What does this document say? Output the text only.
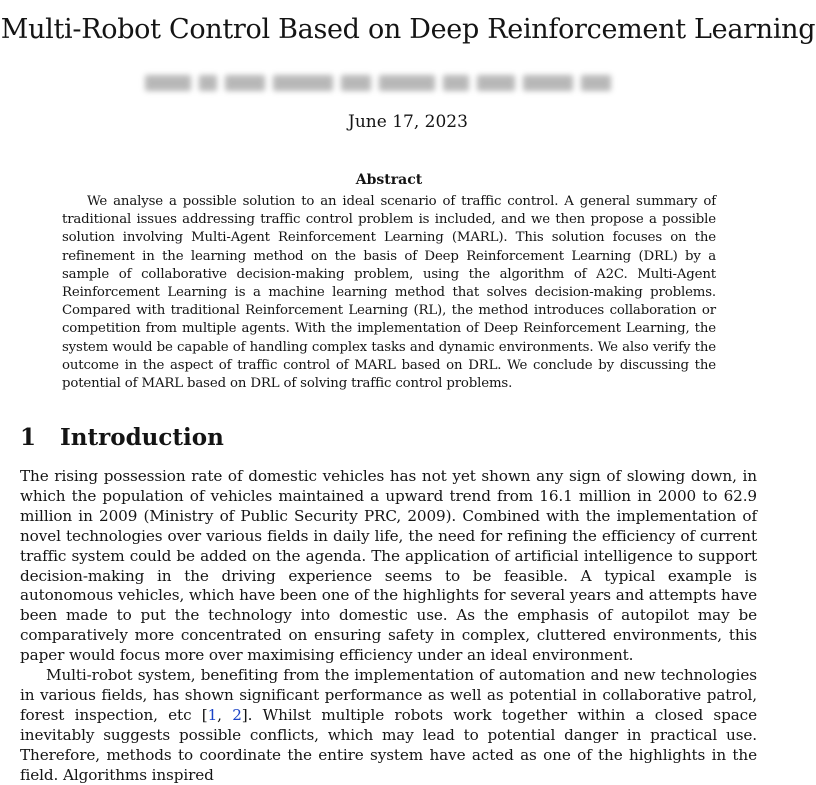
Multi-Robot Control Based on Deep Reinforcement Learning
June 17, 2023
Abstract

We analyse a possible solution to an ideal scenario of traffic control. A general summary of traditional issues addressing traffic control problem is included, and we then propose a possible solution involving Multi-Agent Reinforcement Learning (MARL). This solution focuses on the refinement in the learning method on the basis of Deep Reinforcement Learning (DRL) by a sample of collaborative decision-making problem, using the algorithm of A2C. Multi-Agent Reinforcement Learning is a machine learning method that solves decision-making problems. Compared with traditional Reinforcement Learning (RL), the method introduces collaboration or competition from multiple agents. With the implementation of Deep Reinforcement Learning, the system would be capable of handling complex tasks and dynamic environments. We also verify the outcome in the aspect of traffic control of MARL based on DRL. We conclude by discussing the potential of MARL based on DRL of solving traffic control problems.

1 Introduction

The rising possession rate of domestic vehicles has not yet shown any sign of slowing down, in which the population of vehicles maintained a upward trend from 16.1 million in 2000 to 62.9 million in 2009 (Ministry of Public Security PRC, 2009). Combined with the implementation of novel technologies over various fields in daily life, the need for refining the efficiency of current traffic system could be added on the agenda. The application of artificial intelligence to support decision-making in the driving experience seems to be feasible. A typical example is autonomous vehicles, which have been one of the highlights for several years and attempts have been made to put the technology into domestic use. As the emphasis of autopilot may be comparatively more concentrated on ensuring safety in complex, cluttered environments, this paper would focus more over maximising efficiency under an ideal environment.

Multi-robot system, benefiting from the implementation of automation and new technologies in various fields, has shown significant performance as well as potential in collaborative patrol, forest inspection, etc [1, 2]. Whilst multiple robots work together within a closed space inevitably suggests possible conflicts, which may lead to potential danger in practical use. Therefore, methods to coordinate the entire system have acted as one of the highlights in the field. Algorithms inspired
